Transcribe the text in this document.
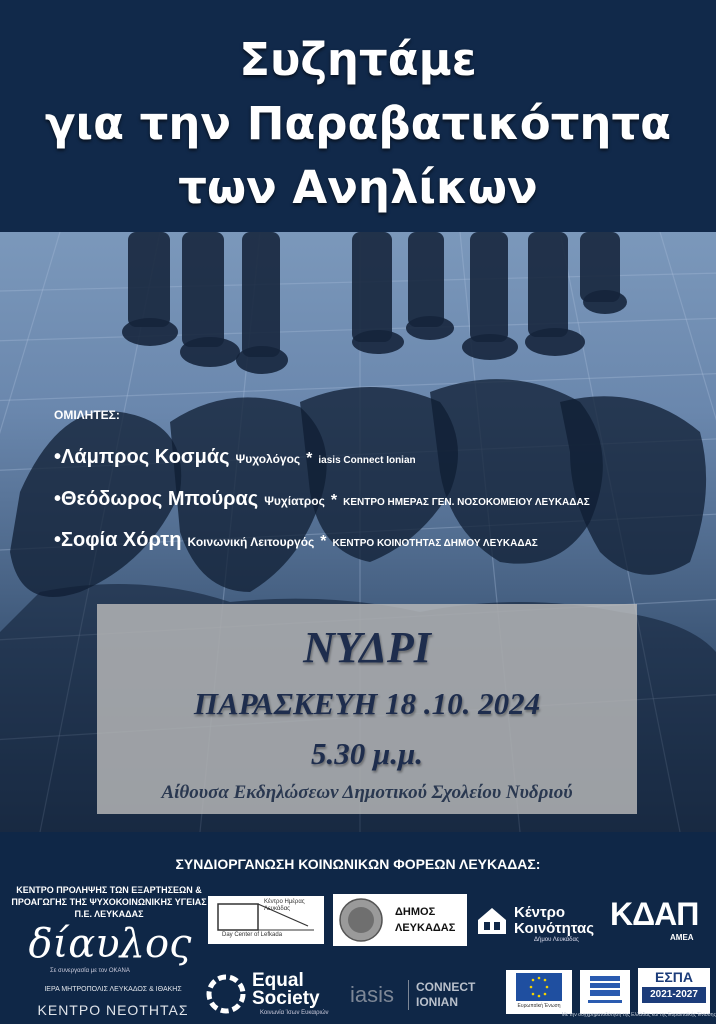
Συζητάμε
για την Παραβατικότητα
των Ανηλίκων
ΟΜΙΛΗΤΕΣ:
•Λάμπρος Κοσμάς Ψυχολόγος * iasis Connect Ionian
•Θεόδωρος Μπούρας Ψυχίατρος * ΚΕΝΤΡΟ ΗΜΕΡΑΣ ΓΕΝ. ΝΟΣΟΚΟΜΕΙΟΥ ΛΕΥΚΑΔΑΣ
•Σοφία Χόρτη Κοινωνική Λειτουργός * ΚΕΝΤΡΟ ΚΟΙΝΟΤΗΤΑΣ ΔΗΜΟΥ ΛΕΥΚΑΔΑΣ
ΝΥΔΡΙ
ΠΑΡΑΣΚΕΥΗ 18 .10. 2024
5.30 μ.μ.
Αίθουσα Εκδηλώσεων Δημοτικού Σχολείου Νυδριού
ΣΥΝΔΙΟΡΓΑΝΩΣΗ ΚΟΙΝΩΝΙΚΩΝ ΦΟΡΕΩΝ ΛΕΥΚΑΔΑΣ:
ΚΕΝΤΡΟ ΠΡΟΛΗΨΗΣ ΤΩΝ ΕΞΑΡΤΗΣΕΩΝ & ΠΡΟΑΓΩΓΗΣ ΤΗΣ ΨΥΧΟΚΟΙΝΩΝΙΚΗΣ ΥΓΕΙΑΣ Π.Ε. ΛΕΥΚΑΔΑΣ
δίαυλος
Σε συνεργασία με τον ΟΚΑΝΑ
ΙΕΡΑ ΜΗΤΡΟΠΟΛΙΣ ΛΕΥΚΑΔΟΣ & ΙΘΑΚΗΣ
ΚΕΝΤΡΟ ΝΕΟΤΗΤΑΣ
Κέντρο Ημέρας Λευκάδας
Day Center of Lefkada
ΔΗΜΟΣ
ΛΕΥΚΑΔΑΣ
Κέντρο
Κοινότητας
Δήμου Λευκάδας
ΚΔΑΠ
ΑΜΕΑ
Equal
Society
Κοινωνία Ίσων Ευκαιριών
iasis CONNECT
IONIAN	Ευρωπαϊκή Ένωση
ΕΣΠΑ
2021-2027
Με την συγχρηματοδότηση της Ελλάδας και της Ευρωπαϊκής Ένωσης
